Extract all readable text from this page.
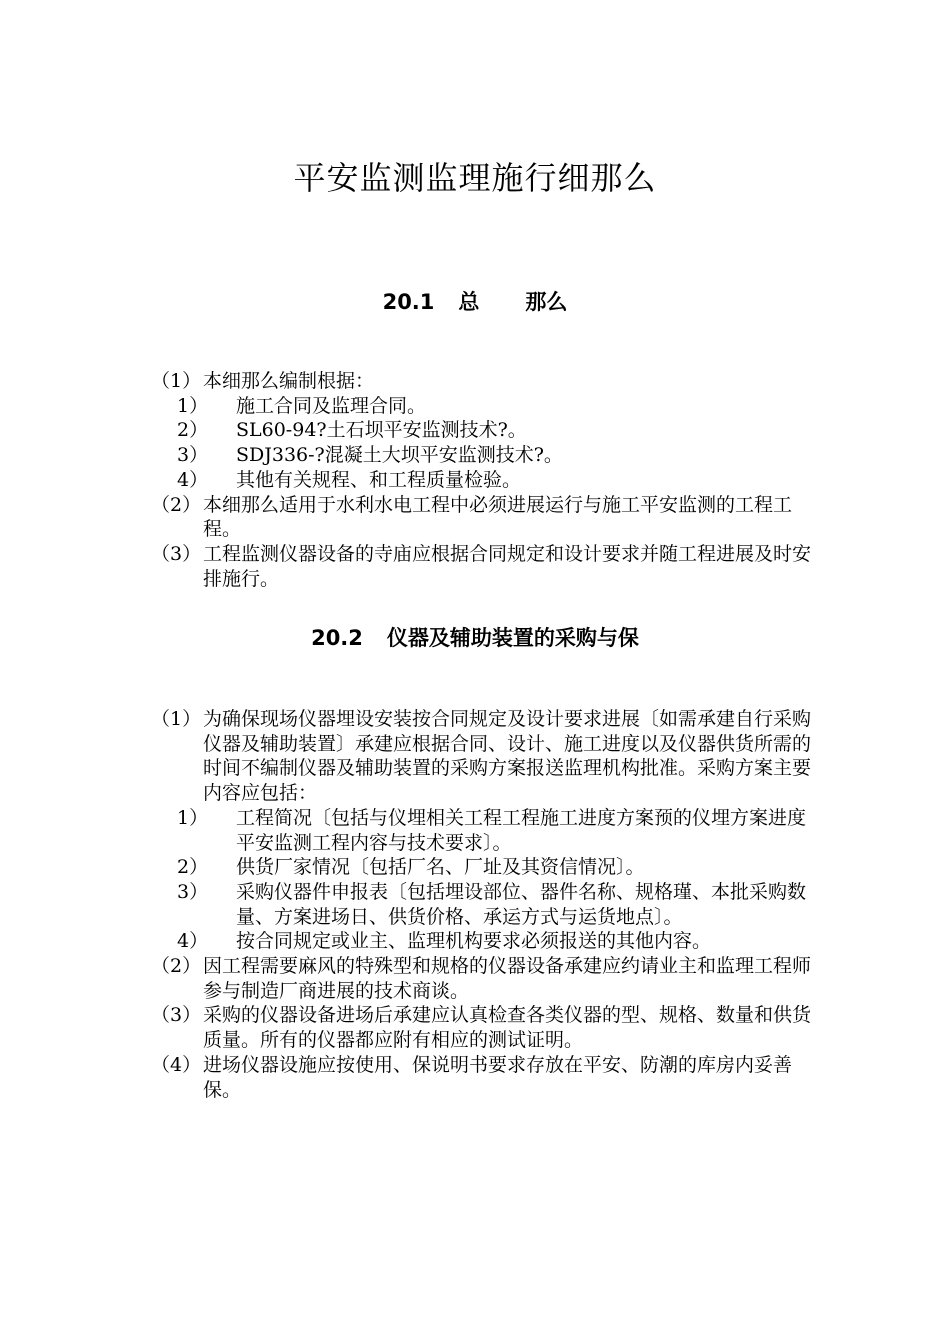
平安监测监理施行细那么
20.1 总 那么
（1） 本细那么编制根据：
1） 施工合同及监理合同。
2） SL60-94?土石坝平安监测技术?。
3） SDJ336-?混凝土大坝平安监测技术?。
4） 其他有关规程、和工程质量检验。
（2） 本细那么适用于水利水电工程中必须进展运行与施工平安监测的工程工程。
（3） 工程监测仪器设备的寺庙应根据合同规定和设计要求并随工程进展及时安排施行。
20.2 仪器及辅助装置的采购与保
（1） 为确保现场仪器埋设安装按合同规定及设计要求进展〔如需承建自行采购仪器及辅助装置〕承建应根据合同、设计、施工进度以及仪器供货所需的时间不编制仪器及辅助装置的采购方案报送监理机构批准。采购方案主要内容应包括：
1） 工程简况〔包括与仪埋相关工程工程施工进度方案预的仪埋方案进度平安监测工程内容与技术要求〕。
2） 供货厂家情况〔包括厂名、厂址及其资信情况〕。
3） 采购仪器件申报表〔包括埋设部位、器件名称、规格瑾、本批采购数量、方案进场日、供货价格、承运方式与运货地点〕。
4） 按合同规定或业主、监理机构要求必须报送的其他内容。
（2） 因工程需要麻风的特殊型和规格的仪器设备承建应约请业主和监理工程师参与制造厂商进展的技术商谈。
（3） 采购的仪器设备进场后承建应认真检查各类仪器的型、规格、数量和供货质量。所有的仪器都应附有相应的测试证明。
（4） 进场仪器设施应按使用、保说明书要求存放在平安、防潮的库房内妥善保。
